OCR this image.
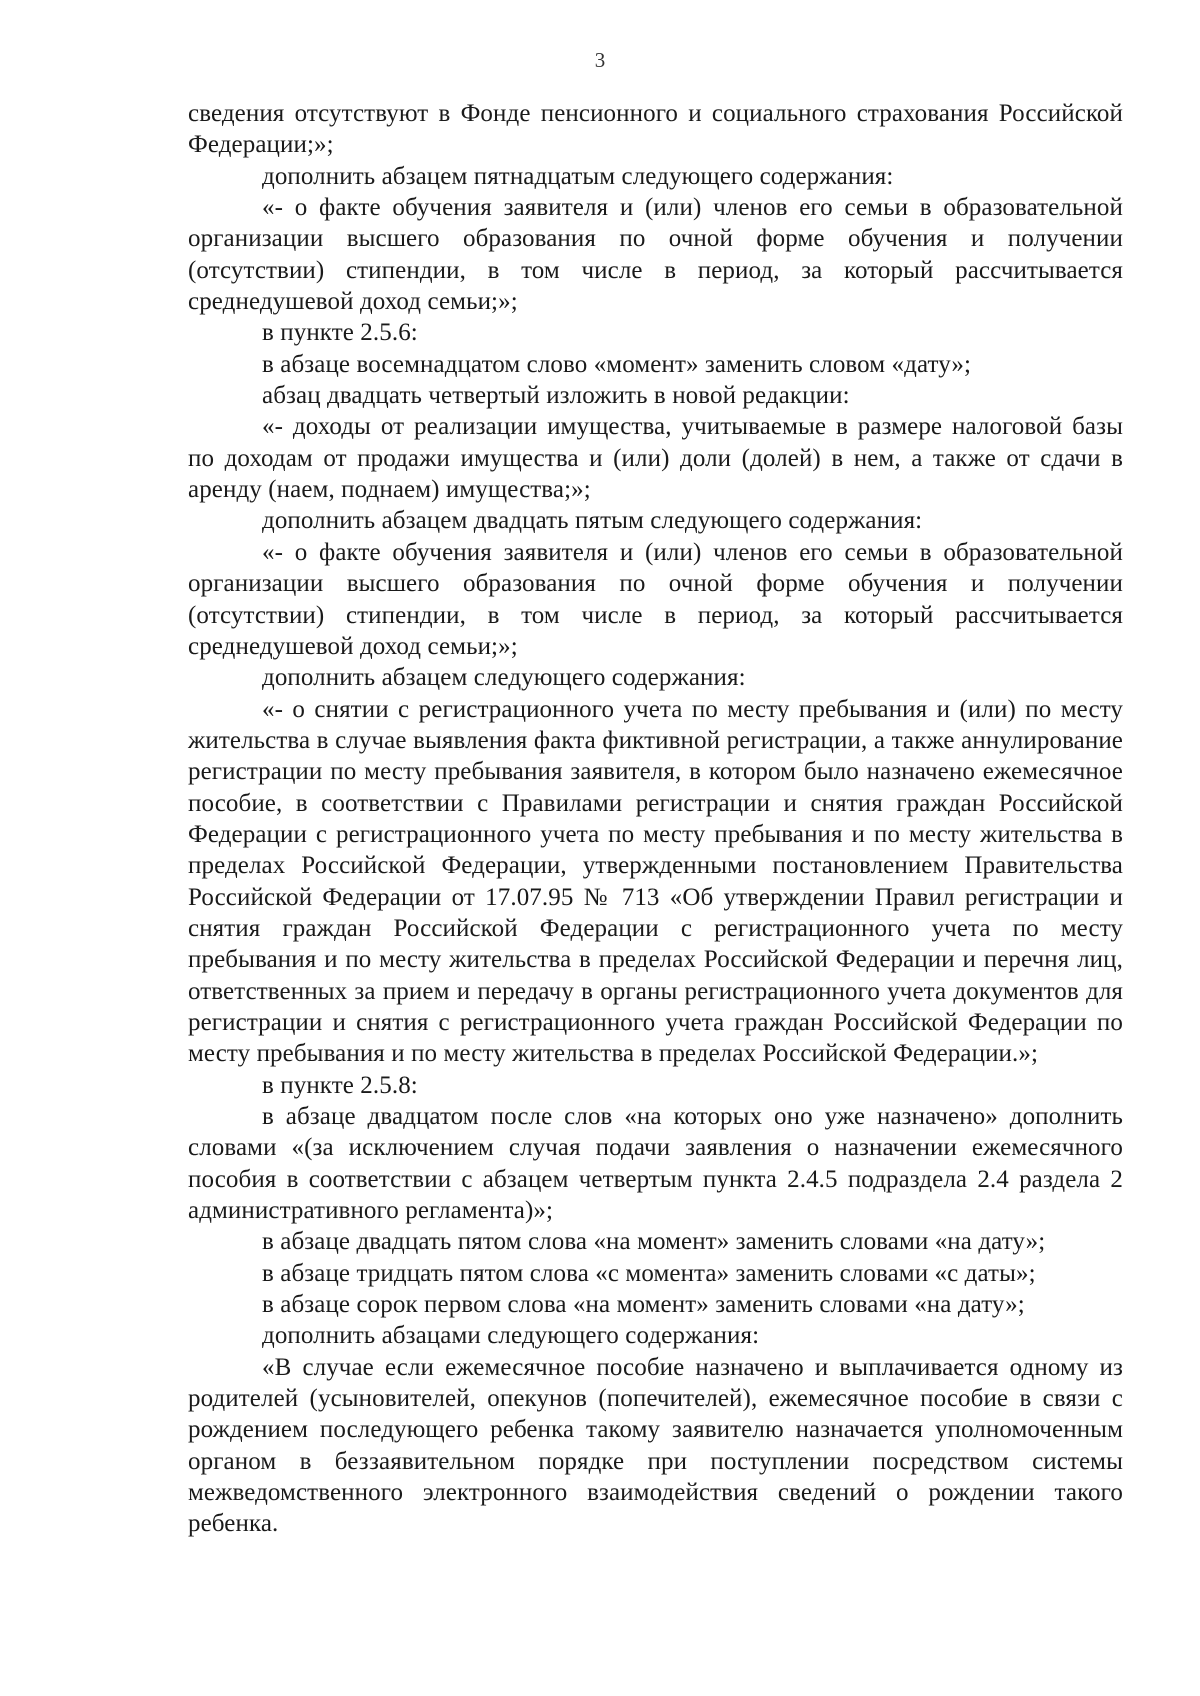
3

сведения отсутствуют в Фонде пенсионного и социального страхования Российской Федерации;»;

дополнить абзацем пятнадцатым следующего содержания:

«- о факте обучения заявителя и (или) членов его семьи в образовательной организации высшего образования по очной форме обучения и получении (отсутствии) стипендии, в том числе в период, за который рассчитывается среднедушевой доход семьи;»;

в пункте 2.5.6:

в абзаце восемнадцатом слово «момент» заменить словом «дату»;

абзац двадцать четвертый изложить в новой редакции:

«- доходы от реализации имущества, учитываемые в размере налоговой базы по доходам от продажи имущества и (или) доли (долей) в нем, а также от сдачи в аренду (наем, поднаем) имущества;»;

дополнить абзацем двадцать пятым следующего содержания:

«- о факте обучения заявителя и (или) членов его семьи в образовательной организации высшего образования по очной форме обучения и получении (отсутствии) стипендии, в том числе в период, за который рассчитывается среднедушевой доход семьи;»;

дополнить абзацем следующего содержания:

«- о снятии с регистрационного учета по месту пребывания и (или) по месту жительства в случае выявления факта фиктивной регистрации, а также аннулирование регистрации по месту пребывания заявителя, в котором было назначено ежемесячное пособие, в соответствии с Правилами регистрации и снятия граждан Российской Федерации с регистрационного учета по месту пребывания и по месту жительства в пределах Российской Федерации, утвержденными постановлением Правительства Российской Федерации от 17.07.95 № 713 «Об утверждении Правил регистрации и снятия граждан Российской Федерации с регистрационного учета по месту пребывания и по месту жительства в пределах Российской Федерации и перечня лиц, ответственных за прием и передачу в органы регистрационного учета документов для регистрации и снятия с регистрационного учета граждан Российской Федерации по месту пребывания и по месту жительства в пределах Российской Федерации.»;

в пункте 2.5.8:

в абзаце двадцатом после слов «на которых оно уже назначено» дополнить словами «(за исключением случая подачи заявления о назначении ежемесячного пособия в соответствии с абзацем четвертым пункта 2.4.5 подраздела 2.4 раздела 2 административного регламента)»;

в абзаце двадцать пятом слова «на момент» заменить словами «на дату»;

в абзаце тридцать пятом слова «с момента» заменить словами «с даты»;

в абзаце сорок первом слова «на момент» заменить словами «на дату»;

дополнить абзацами следующего содержания:

«В случае если ежемесячное пособие назначено и выплачивается одному из родителей (усыновителей, опекунов (попечителей), ежемесячное пособие в связи с рождением последующего ребенка такому заявителю назначается уполномоченным органом в беззаявительном порядке при поступлении посредством системы межведомственного электронного взаимодействия сведений о рождении такого ребенка.
